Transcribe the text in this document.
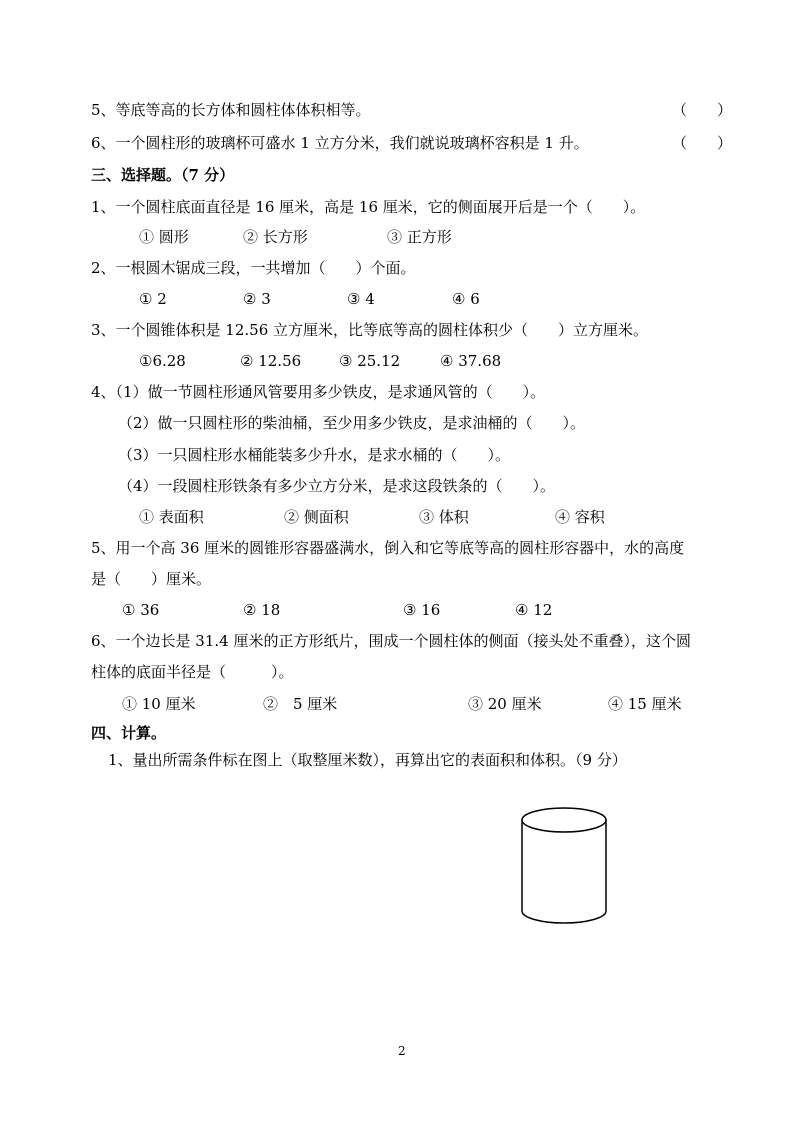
5、等底等高的长方体和圆柱体体积相等。	（　　）
6、一个圆柱形的玻璃杯可盛水 1 立方分米，我们就说玻璃杯容积是 1 升。	（　　）
三、选择题。（7 分）
1、一个圆柱底面直径是 16 厘米，高是 16 厘米，它的侧面展开后是一个（　　）。
① 圆形	② 长方形	③ 正方形
2、一根圆木锯成三段，一共增加（　　）个面。
① 2	② 3	③ 4	④ 6
3、一个圆锥体积是 12.56 立方厘米，比等底等高的圆柱体积少（　　）立方厘米。
①6.28	② 12.56	③ 25.12	④ 37.68
4、（1）做一节圆柱形通风管要用多少铁皮，是求通风管的（　　）。
（2）做一只圆柱形的柴油桶，至少用多少铁皮，是求油桶的（　　）。
（3）一只圆柱形水桶能装多少升水，是求水桶的（　　）。
（4）一段圆柱形铁条有多少立方分米，是求这段铁条的（　　）。
① 表面积	② 侧面积	③ 体积	④ 容积
5、用一个高 36 厘米的圆锥形容器盛满水，倒入和它等底等高的圆柱形容器中，水的高度
是（　　）厘米。
① 36	② 18	③ 16	④ 12
6、一个边长是 31.4 厘米的正方形纸片，围成一个圆柱体的侧面（接头处不重叠），这个圆
柱体的底面半径是（　　　）。
① 10 厘米	②　5 厘米	③ 20 厘米	④ 15 厘米
四、计算。
1、量出所需条件标在图上（取整厘米数），再算出它的表面积和体积。（9 分）
2
